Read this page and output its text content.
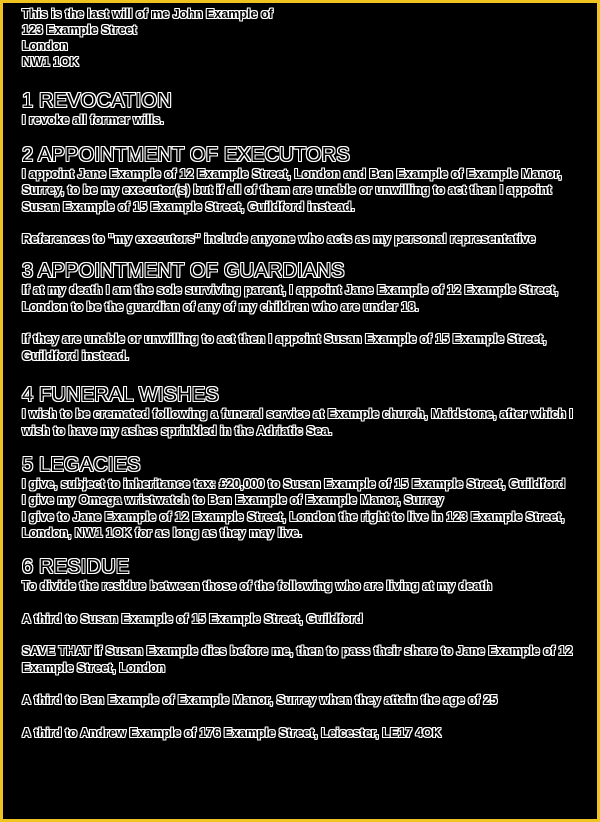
This is the last will of me John Example of
123 Example Street
London
NW1 1OK
1 REVOCATION

I revoke all former wills.

2 APPOINTMENT OF EXECUTORS

I appoint Jane Example of 12 Example Street, London and Ben Example of Example Manor, Surrey, to be my executor(s) but if all of them are unable or unwilling to act then I appoint Susan Example of 15 Example Street, Guildford instead.

References to "my executors" include anyone who acts as my personal representative

3 APPOINTMENT OF GUARDIANS

If at my death I am the sole surviving parent, I appoint Jane Example of 12 Example Street, London to be the guardian of any of my children who are under 18.

If they are unable or unwilling to act then I appoint Susan Example of 15 Example Street, Guildford instead.

4 FUNERAL WISHES

I wish to be cremated following a funeral service at Example church, Maidstone, after which I wish to have my ashes sprinkled in the Adriatic Sea.

5 LEGACIES

I give, subject to inheritance tax: £20,000 to Susan Example of 15 Example Street, Guildford

I give my Omega wristwatch to Ben Example of Example Manor, Surrey

I give to Jane Example of 12 Example Street, London the right to live in 123 Example Street, London, NW1 1OK for as long as they may live.

6 RESIDUE

To divide the residue between those of the following who are living at my death

A third to Susan Example of 15 Example Street, Guildford

SAVE THAT if Susan Example dies before me, then to pass their share to Jane Example of 12 Example Street, London

A third to Ben Example of Example Manor, Surrey when they attain the age of 25

A third to Andrew Example of 176 Example Street, Leicester, LE17 4OK
